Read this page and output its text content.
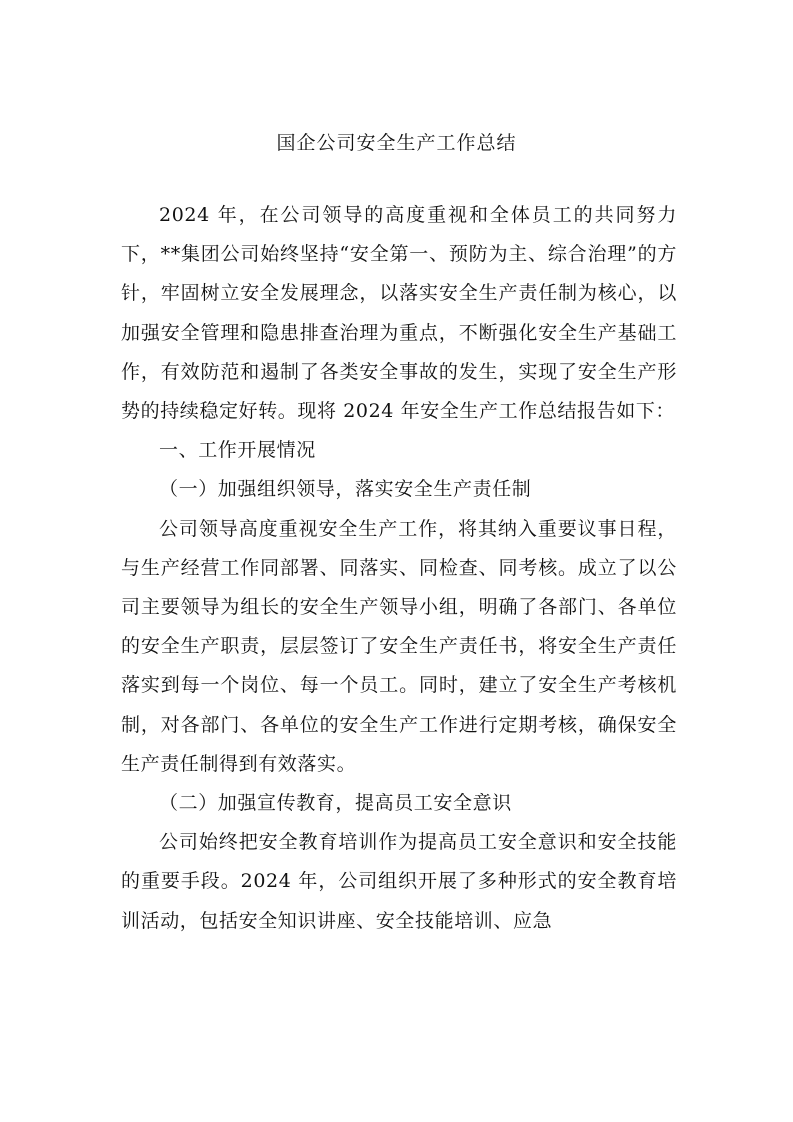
国企公司安全生产工作总结

2024 年，在公司领导的高度重视和全体员工的共同努力下，**集团公司始终坚持“安全第一、预防为主、综合治理”的方针，牢固树立安全发展理念，以落实安全生产责任制为核心，以加强安全管理和隐患排查治理为重点，不断强化安全生产基础工作，有效防范和遏制了各类安全事故的发生，实现了安全生产形势的持续稳定好转。现将 2024 年安全生产工作总结报告如下：

一、工作开展情况

（一）加强组织领导，落实安全生产责任制

公司领导高度重视安全生产工作，将其纳入重要议事日程，与生产经营工作同部署、同落实、同检查、同考核。成立了以公司主要领导为组长的安全生产领导小组，明确了各部门、各单位的安全生产职责，层层签订了安全生产责任书，将安全生产责任落实到每一个岗位、每一个员工。同时，建立了安全生产考核机制，对各部门、各单位的安全生产工作进行定期考核，确保安全生产责任制得到有效落实。

（二）加强宣传教育，提高员工安全意识

公司始终把安全教育培训作为提高员工安全意识和安全技能的重要手段。2024 年，公司组织开展了多种形式的安全教育培训活动，包括安全知识讲座、安全技能培训、应急
